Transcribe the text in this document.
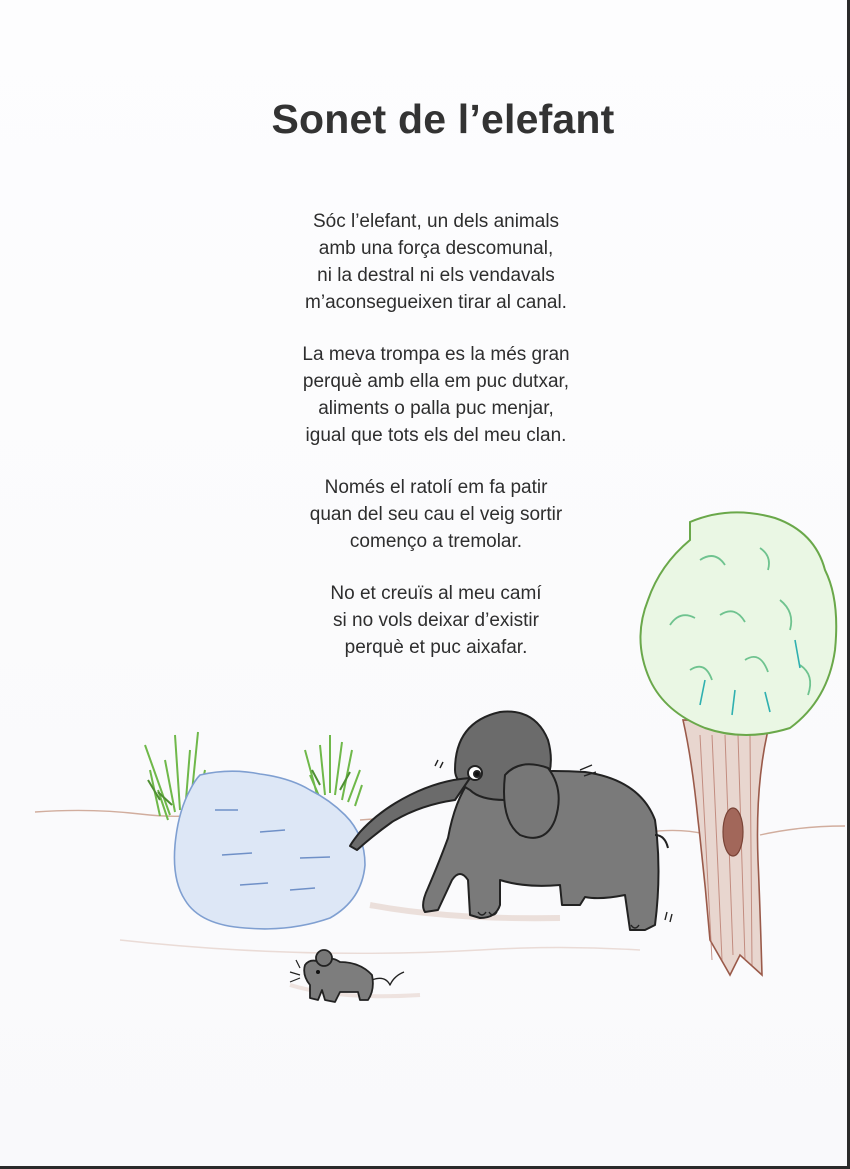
Sonet de l’elefant
Sóc l’elefant, un dels animals
amb una força descomunal,
ni la destral ni els vendavals
m’aconsegueixen tirar al canal.
La meva trompa es la més gran
perquè amb ella em puc dutxar,
aliments o palla puc menjar,
igual que tots els del meu clan.
Només el ratolí em fa patir
quan del seu cau el veig sortir
començo a tremolar.
No et creuïs al meu camí
si no vols deixar d’existir
perquè et puc aixafar.
